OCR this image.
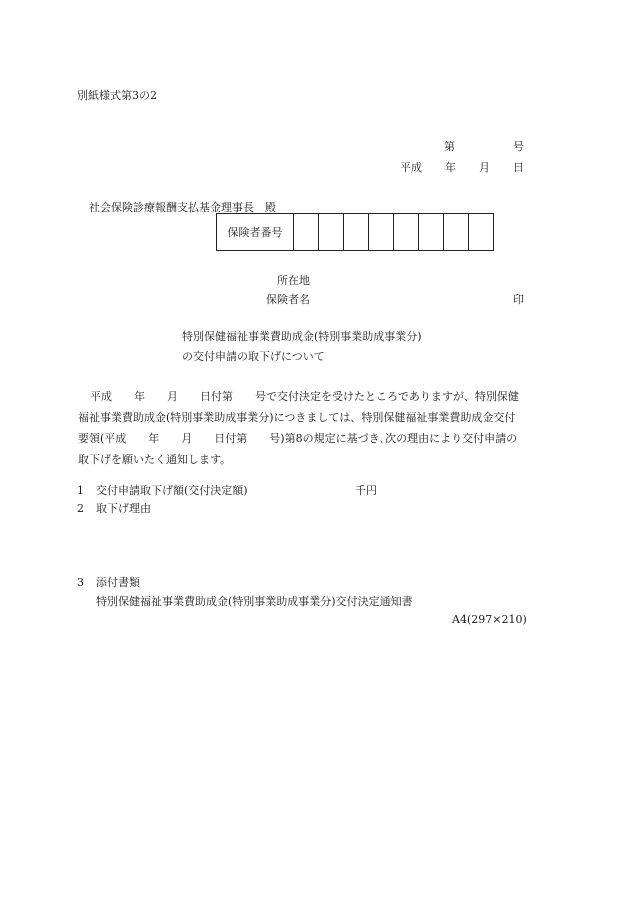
別紙様式第3の2
第	号
平成 年 月 日
社会保険診療報酬支払基金理事長　殿
保険者番号								
所在地
保険者名	印
特別保健福祉事業費助成金(特別事業助成事業分)
の交付申請の取下げについて
平成 年 月 日付第 号で交付決定を受けたところでありますが、特別保健
福祉事業費助成金(特別事業助成事業分)につきましては、特別保健福祉事業費助成金交付
要領(平成 年 月 日付第 号)第8の規定に基づき､次の理由により交付申請の
取下げを願いたく通知します。
1 交付申請取下げ額(交付決定額)	千円
2 取下げ理由
3 添付書類
特別保健福祉事業費助成金(特別事業助成事業分)交付決定通知書
A4(297×210)
